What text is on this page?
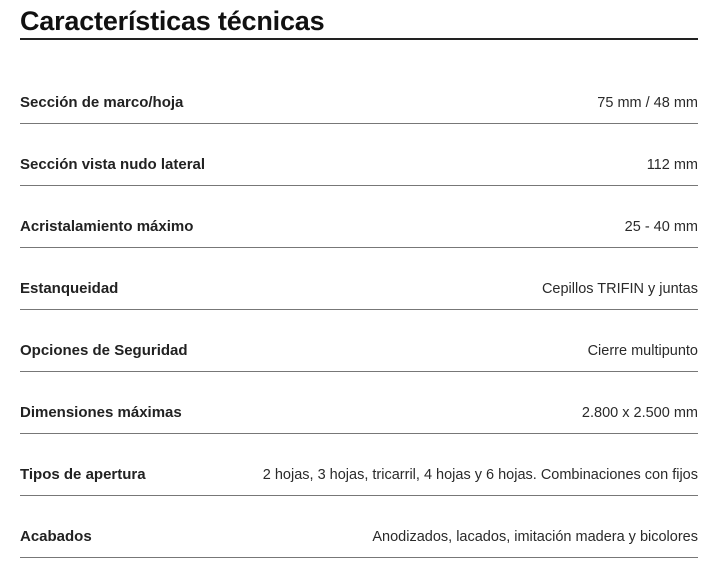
Características técnicas
Sección de marco/hoja	75 mm / 48 mm
Sección vista nudo lateral	112 mm
Acristalamiento máximo	25 - 40 mm
Estanqueidad	Cepillos TRIFIN y juntas
Opciones de Seguridad	Cierre multipunto
Dimensiones máximas	2.800 x 2.500 mm
Tipos de apertura	2 hojas, 3 hojas, tricarril, 4 hojas y 6 hojas. Combinaciones con fijos
Acabados	Anodizados, lacados, imitación madera y bicolores
